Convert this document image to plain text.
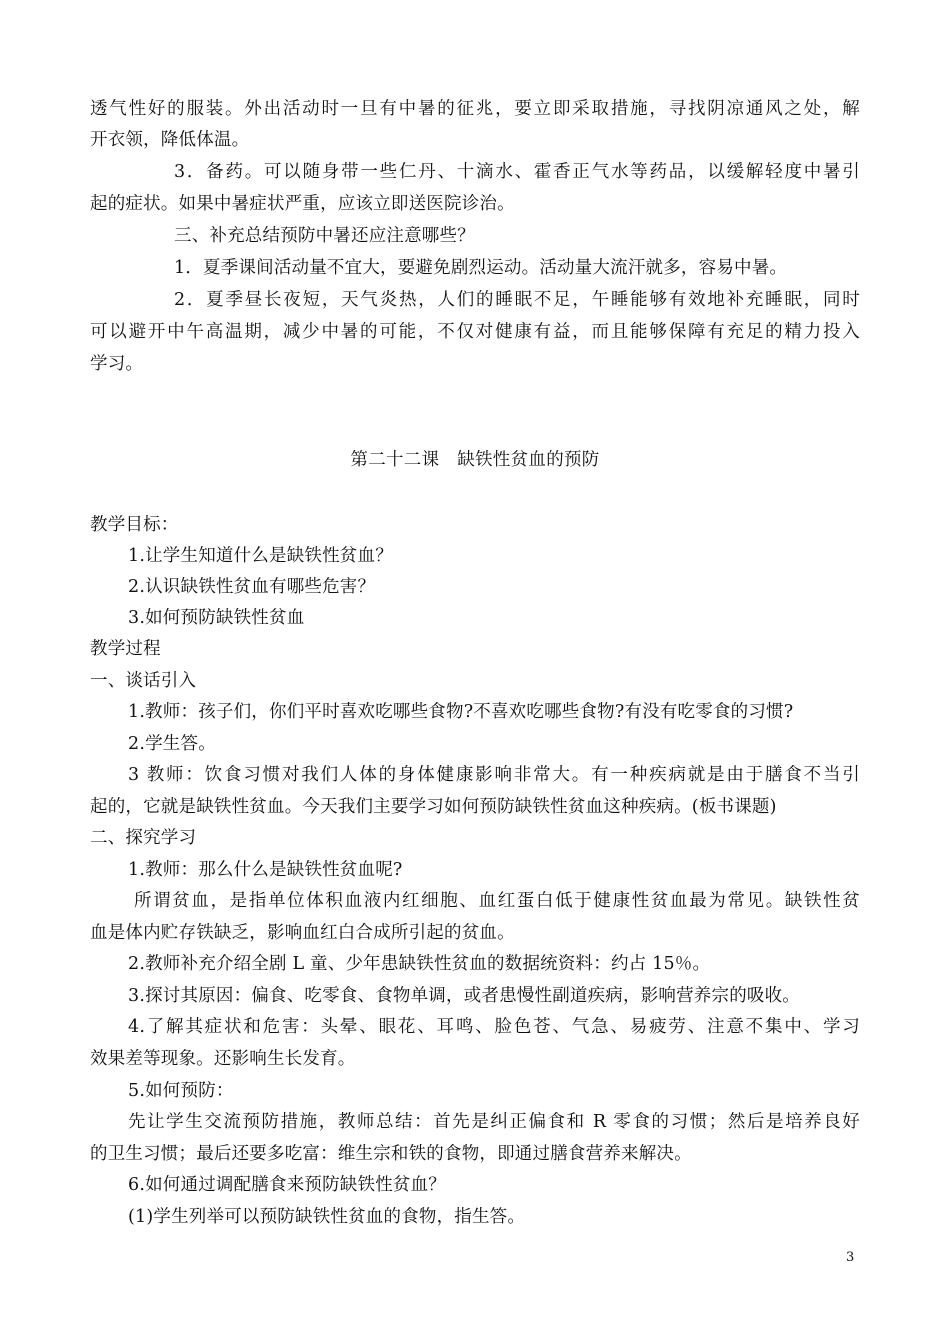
透气性好的服装。外出活动时一旦有中暑的征兆，要立即采取措施，寻找阴凉通风之处，解
开衣领，降低体温。
3．备药。可以随身带一些仁丹、十滴水、霍香正气水等药品，以缓解轻度中暑引
起的症状。如果中暑症状严重，应该立即送医院诊治。
三、补充总结预防中暑还应注意哪些？
1．夏季课间活动量不宜大，要避免剧烈运动。活动量大流汗就多，容易中暑。
2．夏季昼长夜短，天气炎热，人们的睡眠不足，午睡能够有效地补充睡眠，同时
可以避开中午高温期，减少中暑的可能，不仅对健康有益，而且能够保障有充足的精力投入
学习。
第二十二课　缺铁性贫血的预防
教学目标：
1.让学生知道什么是缺铁性贫血？
2.认识缺铁性贫血有哪些危害？
3.如何预防缺铁性贫血
教学过程
一、谈话引入
1.教师：孩子们，你们平时喜欢吃哪些食物?不喜欢吃哪些食物?有没有吃零食的习惯?
2.学生答。
3 教师：饮食习惯对我们人体的身体健康影响非常大。有一种疾病就是由于膳食不当引
起的，它就是缺铁性贫血。今天我们主要学习如何预防缺铁性贫血这种疾病。(板书课题)
二、探究学习
1.教师：那么什么是缺铁性贫血呢?
所谓贫血，是指单位体积血液内红细胞、血红蛋白低于健康性贫血最为常见。缺铁性贫
血是体内贮存铁缺乏，影响血红白合成所引起的贫血。
2.教师补充介绍全剧 L 童、少年患缺铁性贫血的数据统资料：约占 15％。
3.探讨其原因：偏食、吃零食、食物单调，或者患慢性副道疾病，影响营养宗的吸收。
4.了解其症状和危害：头晕、眼花、耳鸣、脸色苍、气急、易疲劳、注意不集中、学习
效果差等现象。还影响生长发育。
5.如何预防：
先让学生交流预防措施，教师总结：首先是纠正偏食和 R 零食的习惯；然后是培养良好
的卫生习惯；最后还要多吃富：维生宗和铁的食物，即通过膳食营养来解决。
6.如何通过调配膳食来预防缺铁性贫血？
(1)学生列举可以预防缺铁性贫血的食物，指生答。
3
